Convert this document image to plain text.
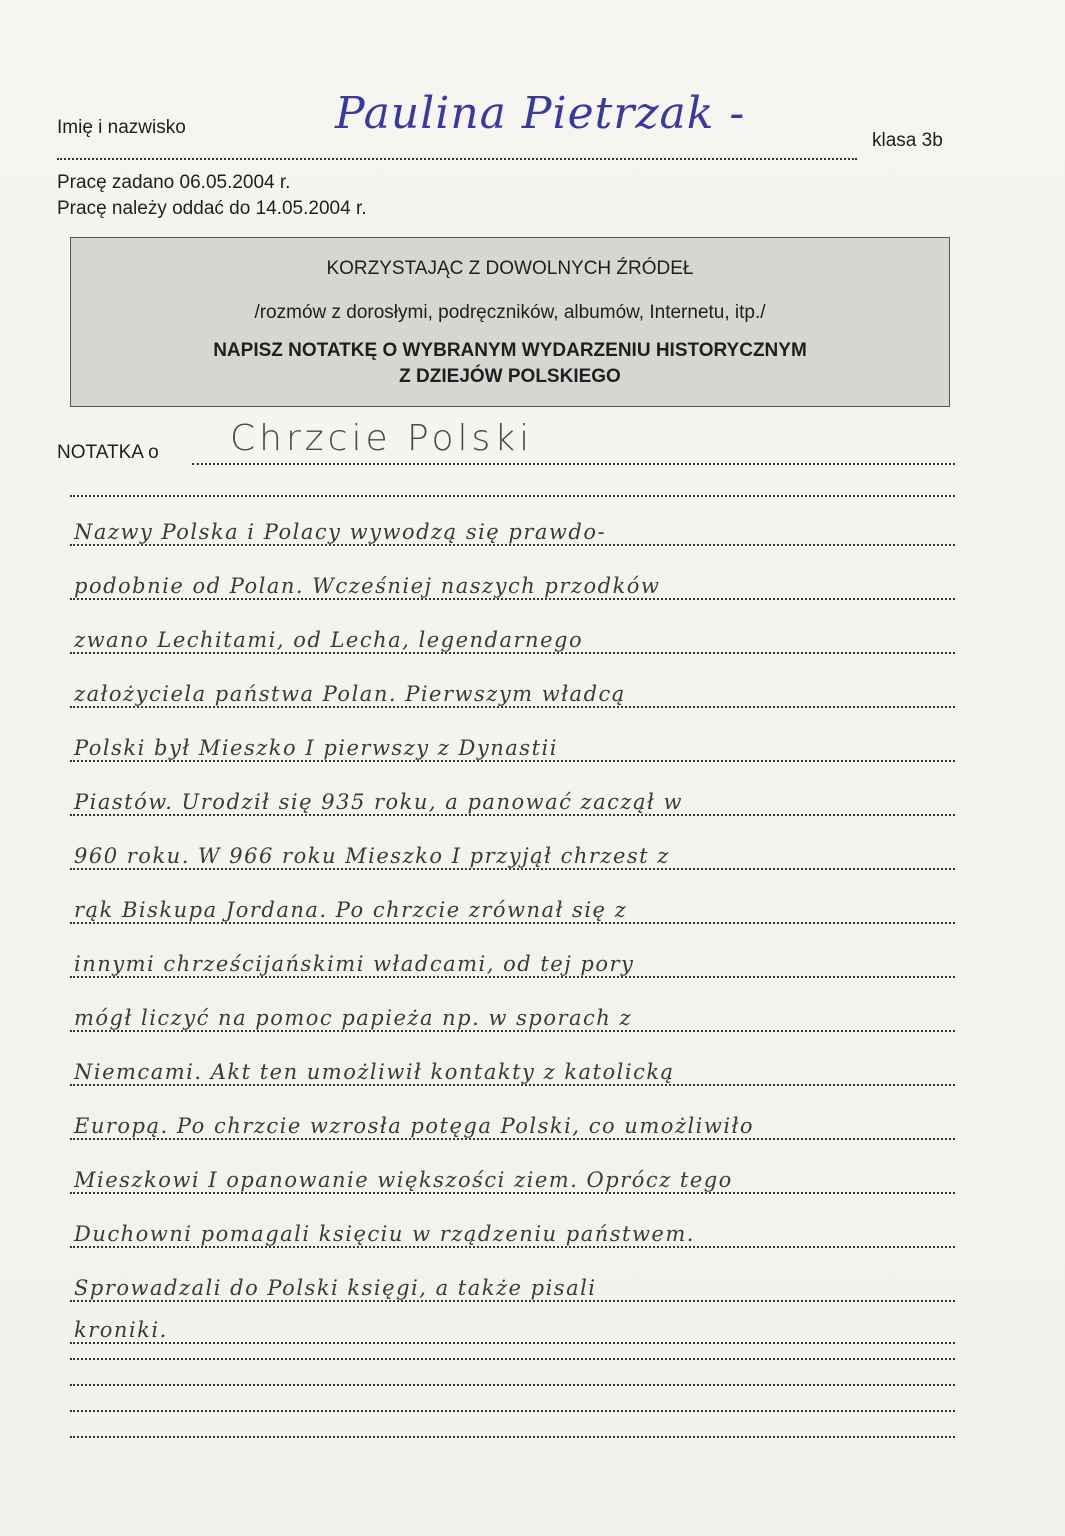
Imię i nazwisko	Paulina Pietrzak -
klasa 3b
Pracę zadano 06.05.2004 r.
Pracę należy oddać do 14.05.2004 r.
KORZYSTAJĄC Z DOWOLNYCH ŹRÓDEŁ
/rozmów z dorosłymi, podręczników, albumów, Internetu, itp./
NAPISZ NOTATKĘ O WYBRANYM WYDARZENIU HISTORYCZNYM
Z DZIEJÓW POLSKIEGO
NOTATKA o Chrzcie Polski
Nazwy Polska i Polacy wywodzą się prawdo-
podobnie od Polan. Wcześniej naszych przodków
zwano Lechitami, od Lecha, legendarnego
założyciela państwa Polan. Pierwszym władcą
Polski był Mieszko I pierwszy z Dynastii
Piastów. Urodził się 935 roku, a panować zaczął w
960 roku. W 966 roku Mieszko I przyjął chrzest z
rąk Biskupa Jordana. Po chrzcie zrównał się z
innymi chrześcijańskimi władcami, od tej pory
mógł liczyć na pomoc papieża np. w sporach z
Niemcami. Akt ten umożliwił kontakty z katolicką
Europą. Po chrzcie wzrosła potęga Polski, co umożliwiło
Mieszkowi I opanowanie większości ziem. Oprócz tego
Duchowni pomagali księciu w rządzeniu państwem.
Sprowadzali do Polski księgi, a także pisali
kroniki.
